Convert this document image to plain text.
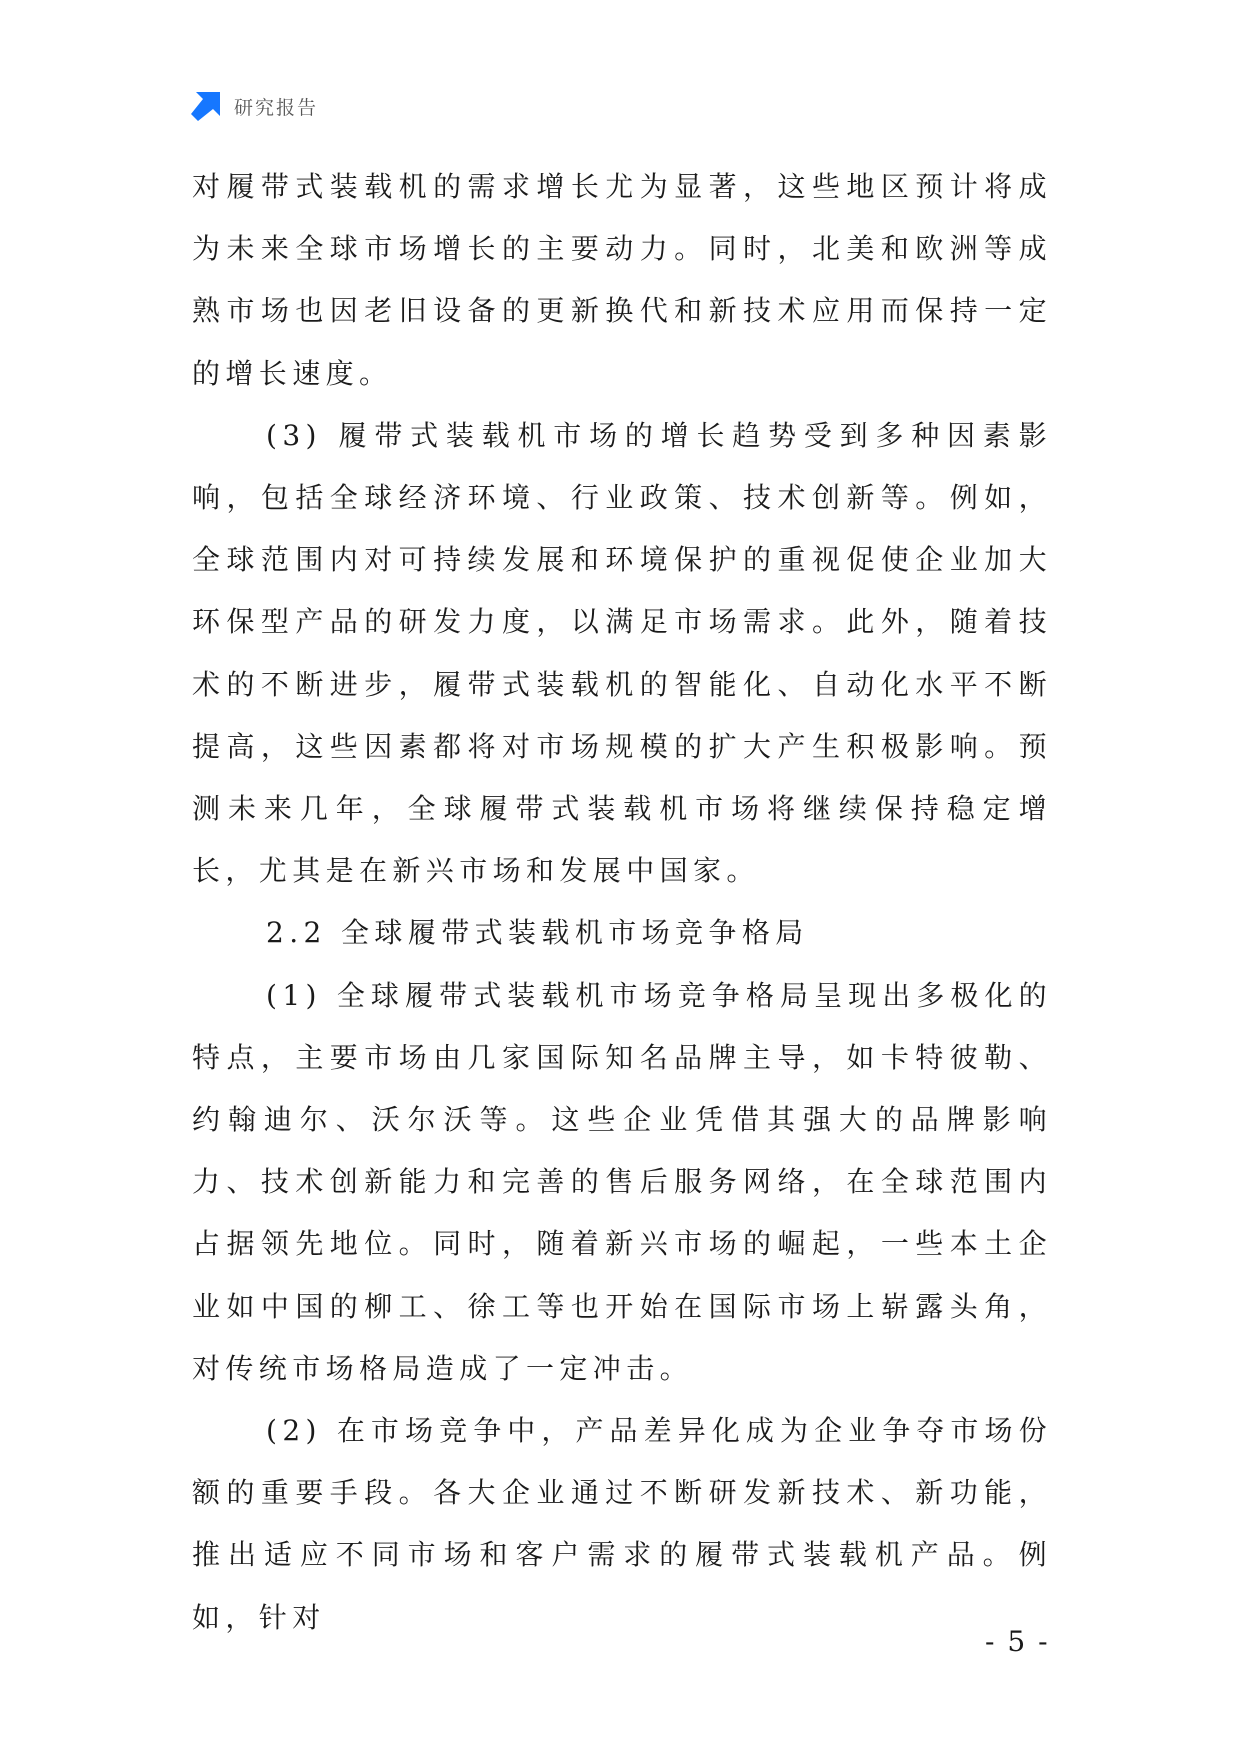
研究报告

对履带式装载机的需求增长尤为显著，这些地区预计将成为未来全球市场增长的主要动力。同时，北美和欧洲等成熟市场也因老旧设备的更新换代和新技术应用而保持一定的增长速度。

(3) 履带式装载机市场的增长趋势受到多种因素影响，包括全球经济环境、行业政策、技术创新等。例如，全球范围内对可持续发展和环境保护的重视促使企业加大环保型产品的研发力度，以满足市场需求。此外，随着技术的不断进步，履带式装载机的智能化、自动化水平不断提高，这些因素都将对市场规模的扩大产生积极影响。预测未来几年，全球履带式装载机市场将继续保持稳定增长，尤其是在新兴市场和发展中国家。

2.2 全球履带式装载机市场竞争格局

(1) 全球履带式装载机市场竞争格局呈现出多极化的特点，主要市场由几家国际知名品牌主导，如卡特彼勒、约翰迪尔、沃尔沃等。这些企业凭借其强大的品牌影响力、技术创新能力和完善的售后服务网络，在全球范围内占据领先地位。同时，随着新兴市场的崛起，一些本土企业如中国的柳工、徐工等也开始在国际市场上崭露头角，对传统市场格局造成了一定冲击。

(2) 在市场竞争中，产品差异化成为企业争夺市场份额的重要手段。各大企业通过不断研发新技术、新功能，推出适应不同市场和客户需求的履带式装载机产品。例如，针对

- 5 -
